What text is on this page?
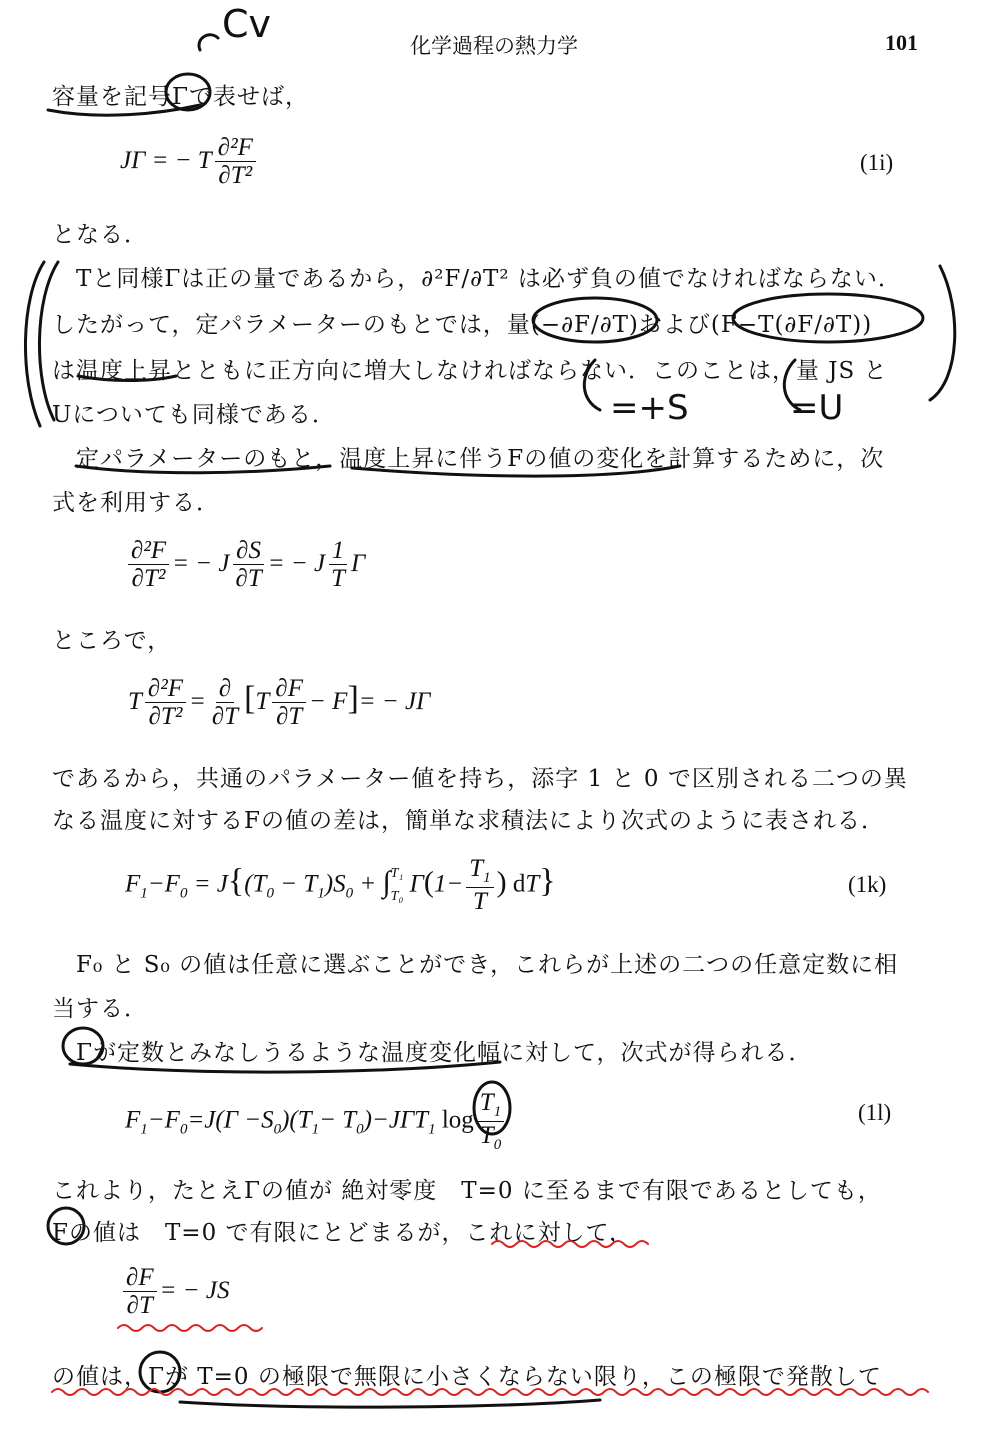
化学過程の熱力学	101
容量を記号Γで表せば，
JΓ = − T $\frac{\text{∂²F}}{\text{∂T²}}$	(1i)
となる．
Tと同様Γは正の量であるから，∂²F/∂T² は必ず負の値でなければならない．
したがって，定パラメーターのもとでは，量(−∂F/∂T)および(F−T(∂F/∂T))
は温度上昇とともに正方向に増大しなければならない．このことは，量 JS と
Uについても同様である．
定パラメーターのもと，温度上昇に伴うFの値の変化を計算するために，次
式を利用する．
$\frac{\text{∂²F}}{\text{∂T²}}$ = − J $\frac{\partial S}{\partial T}$ = − J $\frac{1}{T}$ Γ
ところで，
T $\frac{\text{∂²F}}{\text{∂T²}} = \frac{\partial}{\partial T} [T \frac{\partial F}{\partial T} - F]= - J\Gamma$
であるから，共通のパラメーター値を持ち，添字 1 と 0 で区別される二つの異
なる温度に対するFの値の差は，簡単な求積法により次式のように表される．
$F_1-F_0 = J\{(T_0 - T_1)S_0$ + ∫ T₁
T₀ $\Gamma(1- \frac{T_1}{T}$ ) dT}	(1k)
F₀ と S₀ の値は任意に選ぶことができ，これらが上述の二つの任意定数に相
当する．
Γが定数とみなしうるような温度変化幅に対して，次式が得られる．
$F_1-F_0=J(\Gamma -S_0)(T_1- T_0)-J\Gamma T_1$ $\log \frac{T_1}{T_0}$	(1l)
これより，たとえΓの値が 絶対零度　T=0 に至るまで有限であるとしても，
Fの値は　T=0 で有限にとどまるが，これに対して，
$\frac{\partial F}{\partial T}$ = − JS
の値は，Γが T=0 の極限で無限に小さくならない限り，この極限で発散して
Cv
=+S	=U
